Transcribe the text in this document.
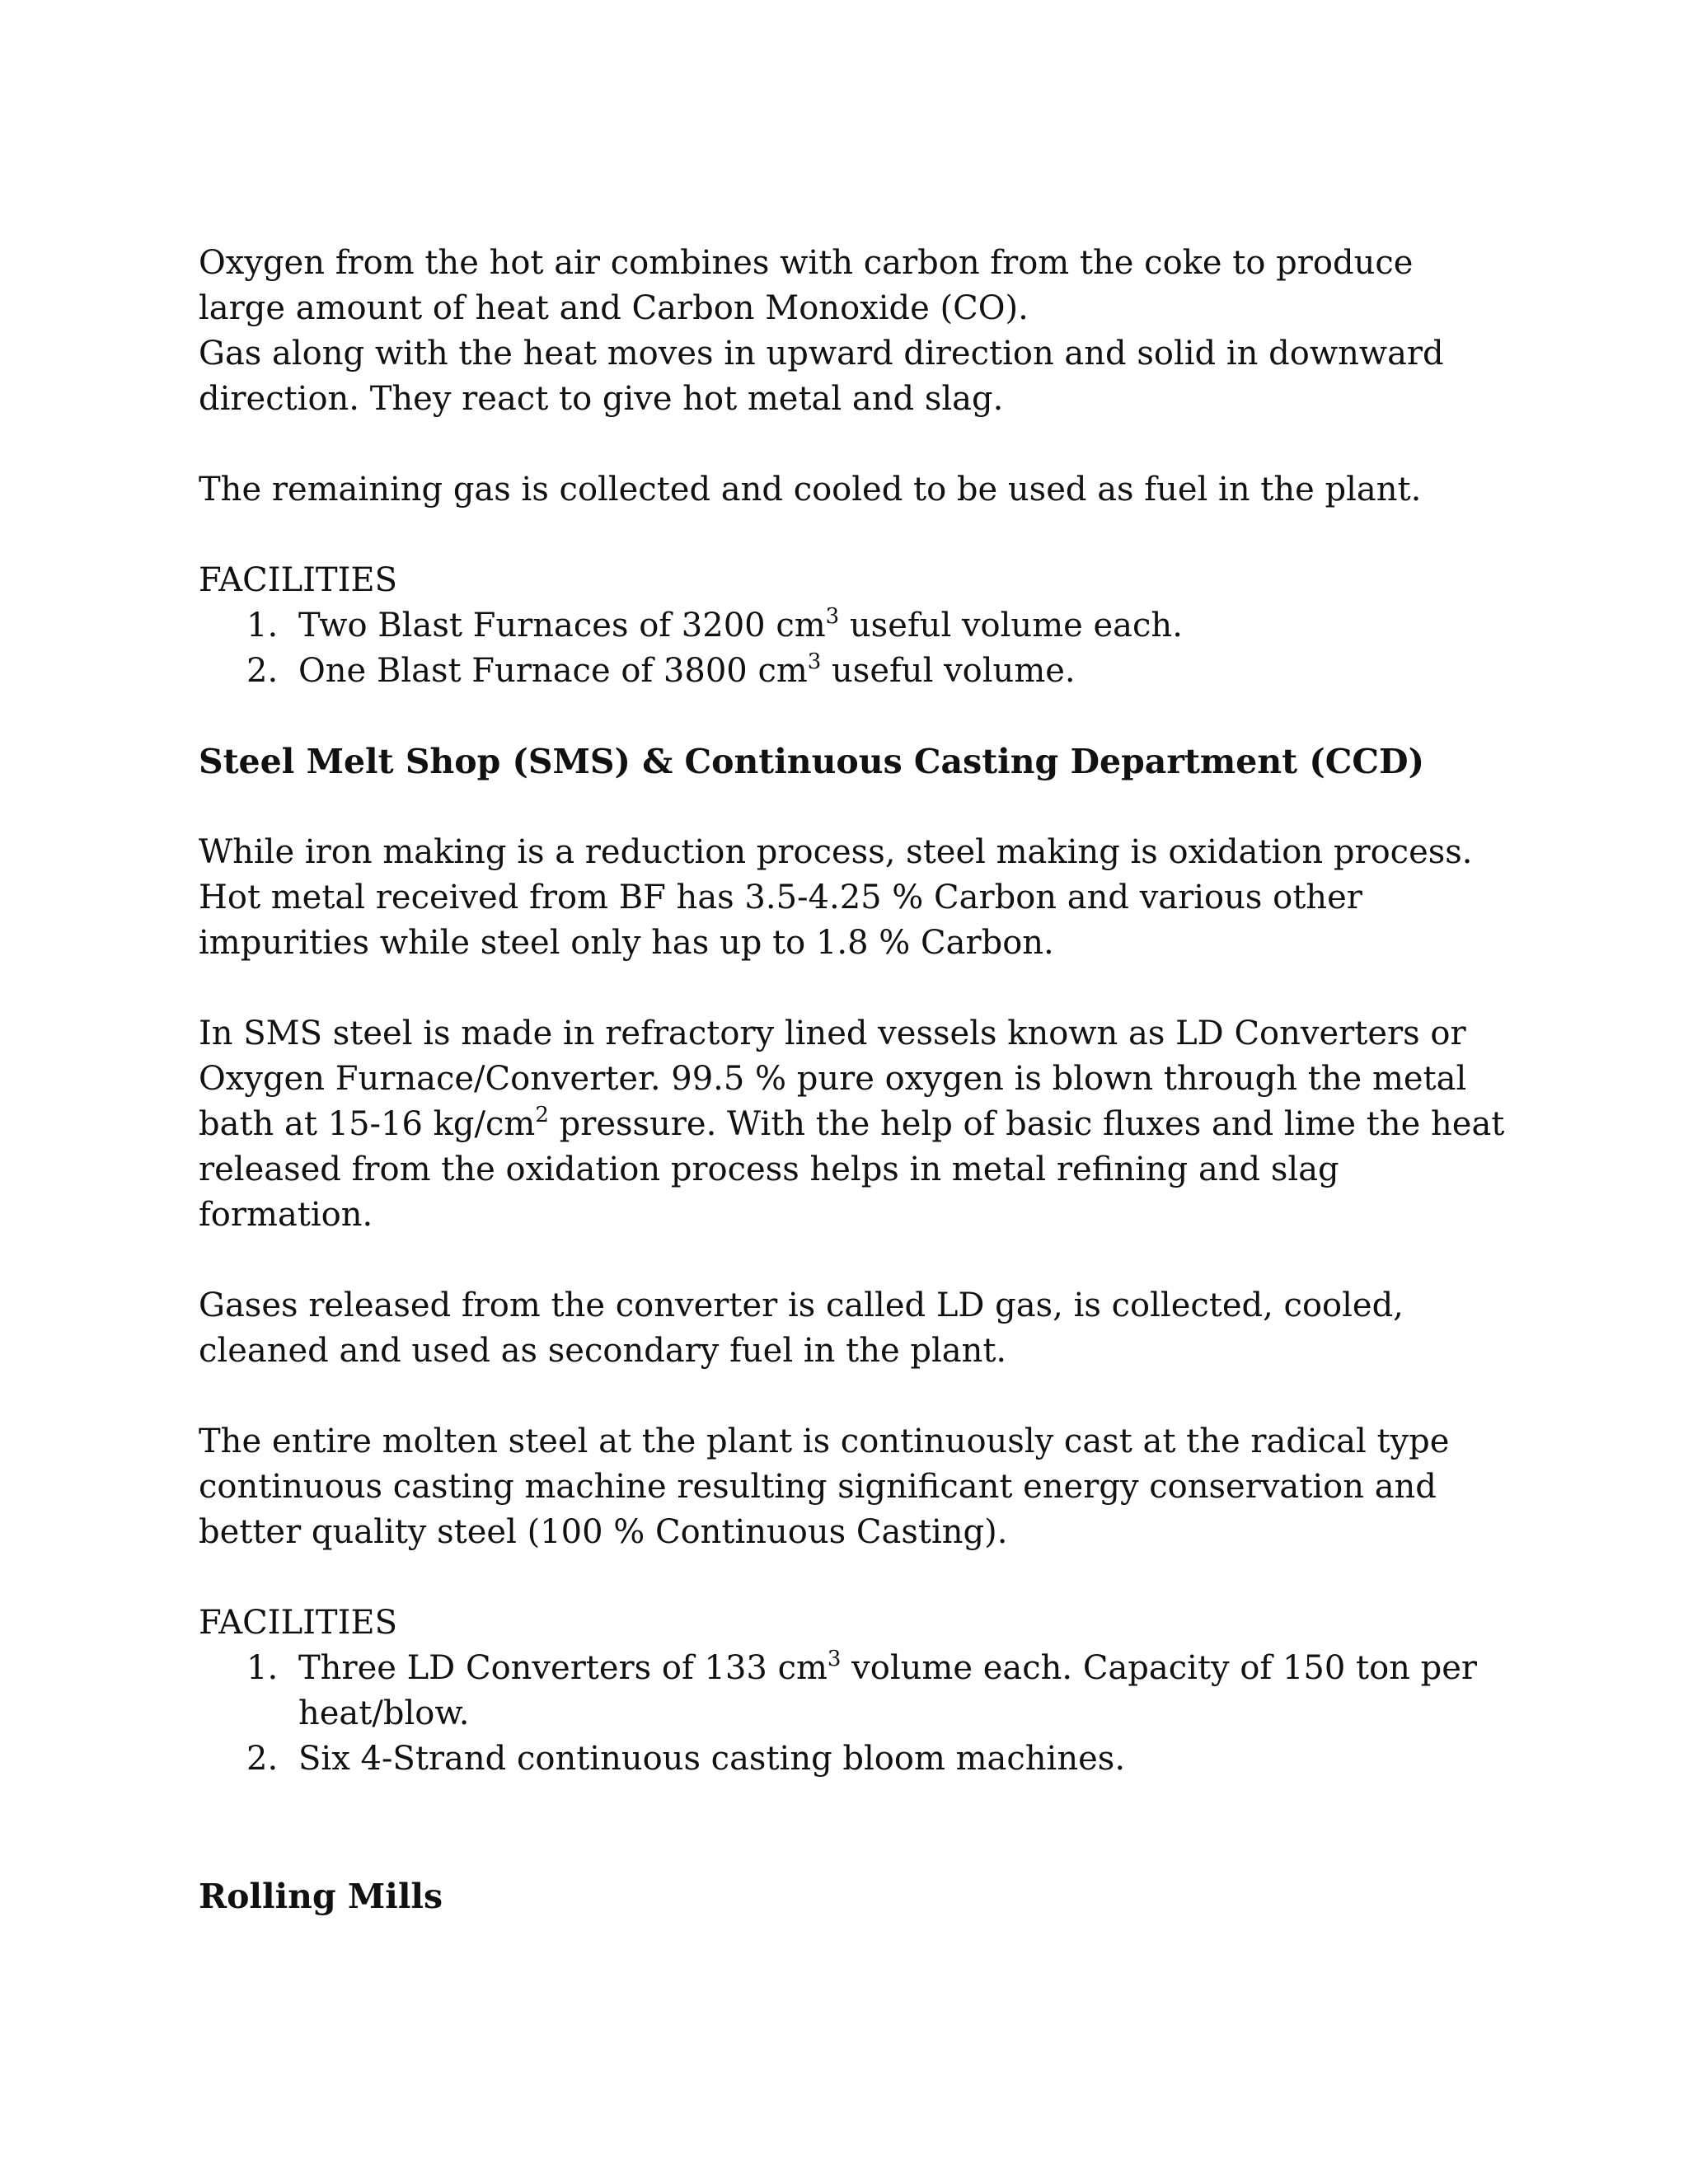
Oxygen from the hot air combines with carbon from the coke to produce large amount of heat and Carbon Monoxide (CO).

Gas along with the heat moves in upward direction and solid in downward direction. They react to give hot metal and slag.

The remaining gas is collected and cooled to be used as fuel in the plant.

FACILITIES

1. Two Blast Furnaces of 3200 $cm^3$ useful volume each.
2. One Blast Furnace of 3800 $cm^3$ useful volume.
Steel Melt Shop (SMS) & Continuous Casting Department (CCD)

While iron making is a reduction process, steel making is oxidation process. Hot metal received from BF has 3.5-4.25 % Carbon and various other impurities while steel only has up to 1.8 % Carbon.

In SMS steel is made in refractory lined vessels known as LD Converters or Oxygen Furnace/Converter. 99.5 % pure oxygen is blown through the metal bath at 15-16 $kg/cm^2$ pressure. With the help of basic fluxes and lime the heat released from the oxidation process helps in metal refining and slag formation.

Gases released from the converter is called LD gas, is collected, cooled, cleaned and used as secondary fuel in the plant.

The entire molten steel at the plant is continuously cast at the radical type continuous casting machine resulting significant energy conservation and better quality steel (100 % Continuous Casting).

FACILITIES

1. Three LD Converters of 133 $cm^3$ volume each. Capacity of 150 ton per heat/blow.
2. Six 4-Strand continuous casting bloom machines.
Rolling Mills
